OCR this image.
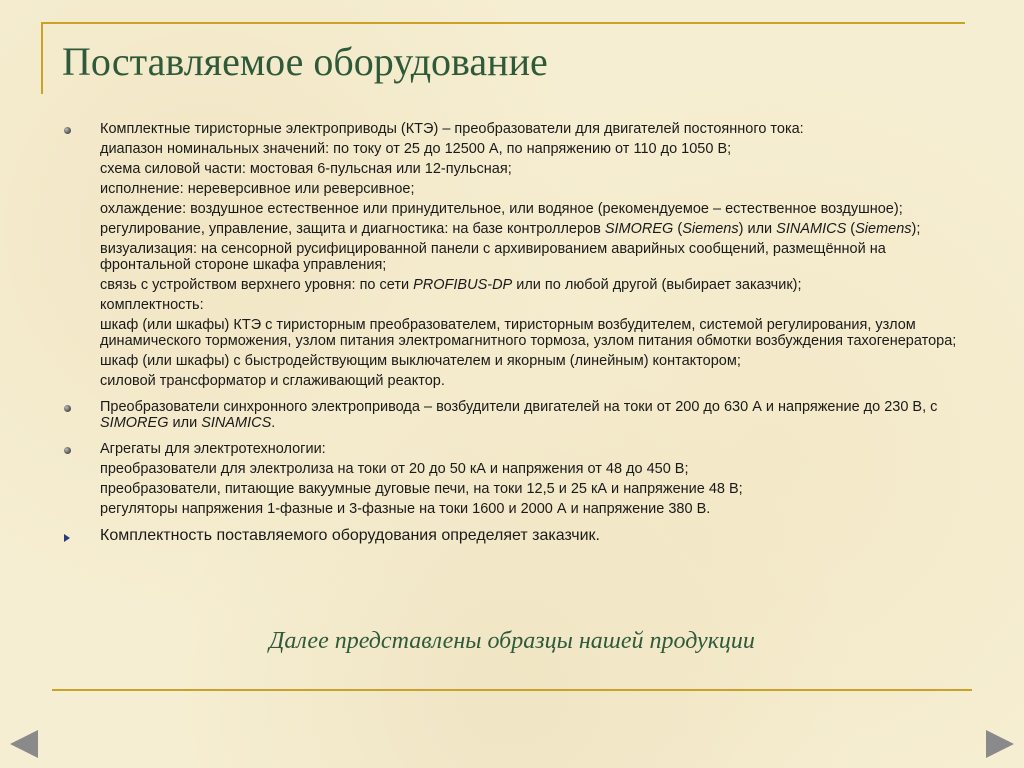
Поставляемое оборудование
Комплектные тиристорные электроприводы (КТЭ) – преобразователи для двигателей постоянного тока:
диапазон номинальных значений: по току от 25 до 12500 А, по напряжению от 110 до 1050 В;
схема силовой части: мостовая 6-пульсная или 12-пульсная;
исполнение: нереверсивное или реверсивное;
охлаждение: воздушное естественное или принудительное, или водяное (рекомендуемое – естественное воздушное);
регулирование, управление, защита и диагностика: на базе контроллеров SIMOREG (Siemens) или SINAMICS (Siemens);
визуализация: на сенсорной русифицированной панели с архивированием аварийных сообщений, размещённой на фронтальной стороне шкафа управления;
связь с устройством верхнего уровня: по сети PROFIBUS-DP или по любой другой (выбирает заказчик);
комплектность:
шкаф (или шкафы) КТЭ с тиристорным преобразователем, тиристорным возбудителем, системой регулирования, узлом динамического торможения, узлом питания электромагнитного тормоза, узлом питания обмотки возбуждения тахогенератора;
шкаф (или шкафы) с быстродействующим выключателем и якорным (линейным) контактором;
силовой трансформатор и сглаживающий реактор.
Преобразователи синхронного электропривода – возбудители двигателей на токи от 200 до 630 А и напряжение до 230 В, с SIMOREG или SINAMICS.
Агрегаты для электротехнологии:
преобразователи для электролиза на токи от 20 до 50 кА и напряжения от 48 до 450 В;
преобразователи, питающие вакуумные дуговые печи, на токи 12,5 и 25 кА и напряжение 48 В;
регуляторы напряжения 1-фазные и 3-фазные на токи 1600 и 2000 А и напряжение 380 В.
Комплектность поставляемого оборудования определяет заказчик.
Далее представлены образцы нашей продукции
